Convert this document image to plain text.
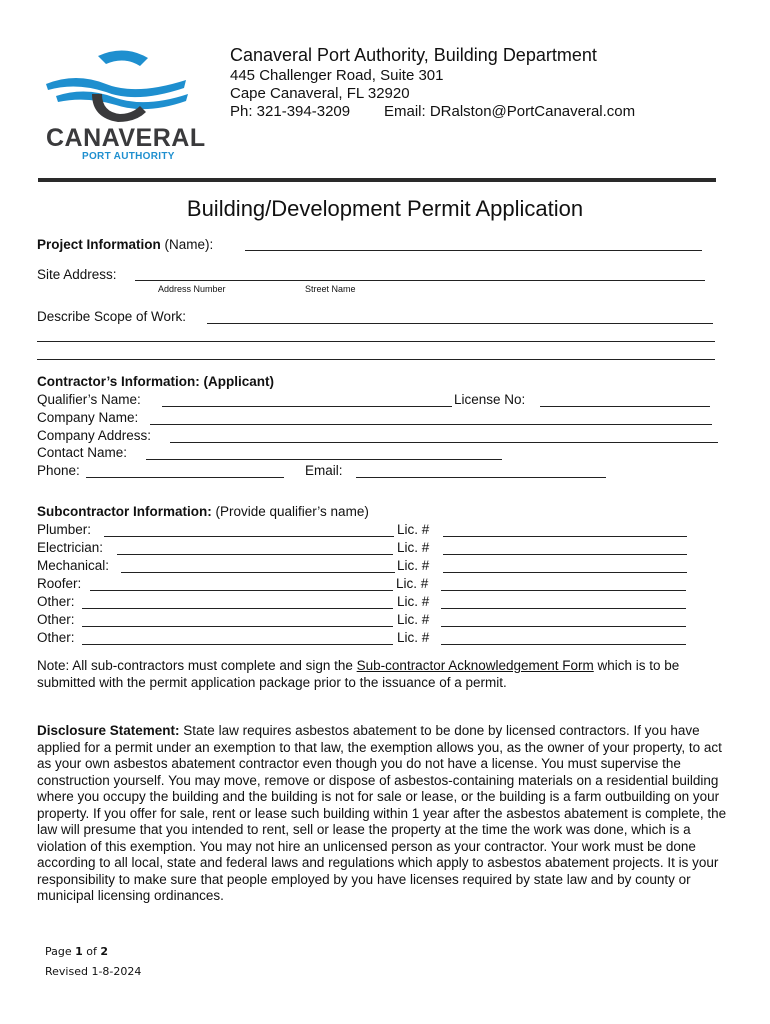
CANAVERAL
PORT AUTHORITY
Canaveral Port Authority, Building Department
445 Challenger Road, Suite 301
Cape Canaveral, FL 32920
Ph: 321-394-3209 Email: DRalston@PortCanaveral.com
Building/Development Permit Application
Project Information (Name):
Site Address:
Address Number	Street Name
Describe Scope of Work:
Contractor’s Information: (Applicant)
Qualifier’s Name:	License No:
Company Name:
Company Address:
Contact Name:
Phone:	Email:
Subcontractor Information: (Provide qualifier’s name)
Plumber:	Lic. #
Electrician:	Lic. #
Mechanical:	Lic. #
Roofer:	Lic. #
Other:	Lic. #
Other:	Lic. #
Other:	Lic. #
Note: All sub-contractors must complete and sign the Sub-contractor Acknowledgement Form which is to be submitted with the permit application package prior to the issuance of a permit.
Disclosure Statement: State law requires asbestos abatement to be done by licensed contractors. If you have applied for a permit under an exemption to that law, the exemption allows you, as the owner of your property, to act as your own asbestos abatement contractor even though you do not have a license. You must supervise the construction yourself. You may move, remove or dispose of asbestos-containing materials on a residential building where you occupy the building and the building is not for sale or lease, or the building is a farm outbuilding on your property. If you offer for sale, rent or lease such building within 1 year after the asbestos abatement is complete, the law will presume that you intended to rent, sell or lease the property at the time the work was done, which is a violation of this exemption. You may not hire an unlicensed person as your contractor. Your work must be done according to all local, state and federal laws and regulations which apply to asbestos abatement projects. It is your responsibility to make sure that people employed by you have licenses required by state law and by county or municipal licensing ordinances.
Page 1 of 2
Revised 1-8-2024
